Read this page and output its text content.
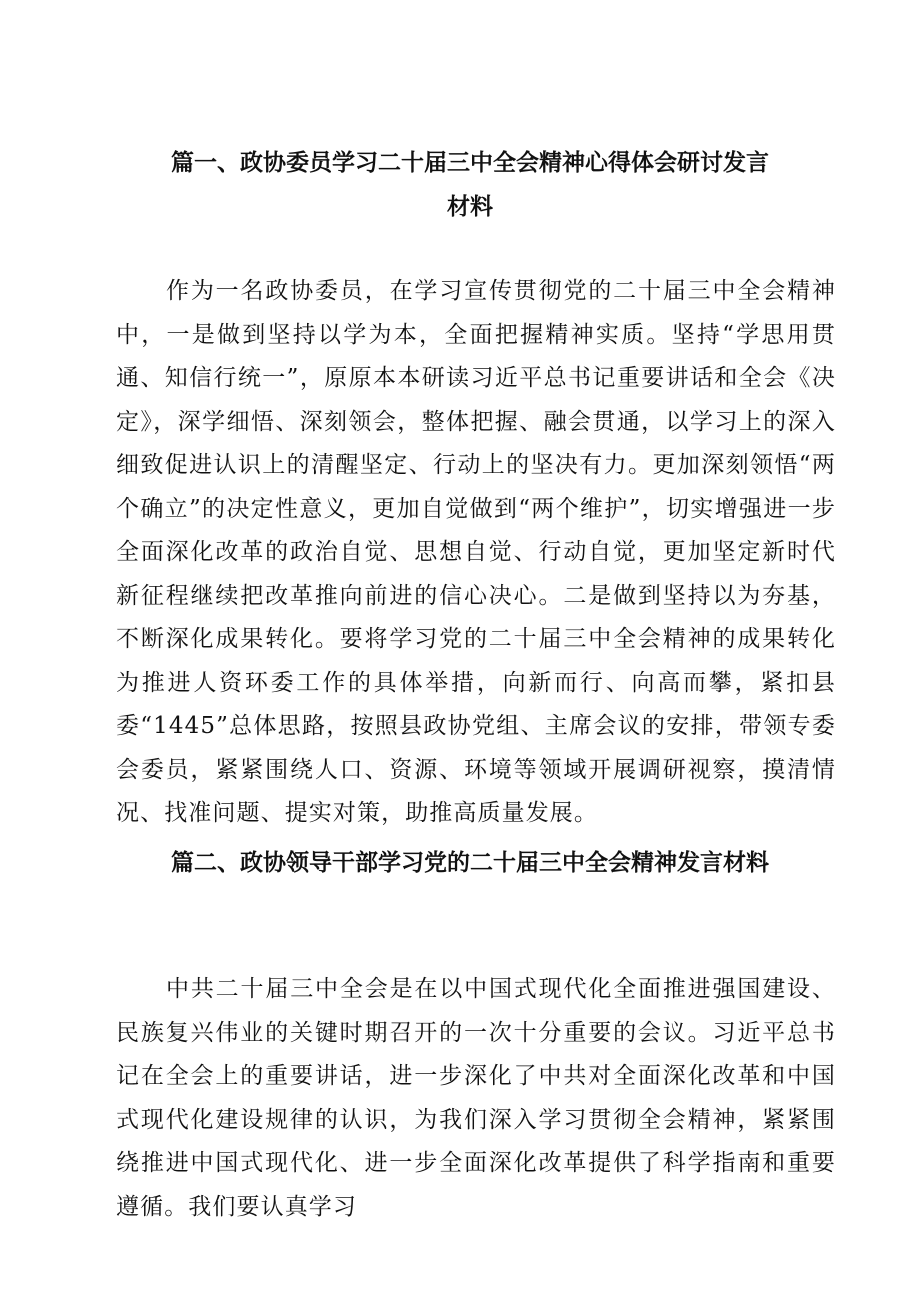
篇一、政协委员学习二十届三中全会精神心得体会研讨发言材料

作为一名政协委员，在学习宣传贯彻党的二十届三中全会精神中，一是做到坚持以学为本，全面把握精神实质。坚持“学思用贯通、知信行统一”，原原本本研读习近平总书记重要讲话和全会《决定》，深学细悟、深刻领会，整体把握、融会贯通，以学习上的深入细致促进认识上的清醒坚定、行动上的坚决有力。更加深刻领悟“两个确立”的决定性意义，更加自觉做到“两个维护”，切实增强进一步全面深化改革的政治自觉、思想自觉、行动自觉，更加坚定新时代新征程继续把改革推向前进的信心决心。二是做到坚持以为夯基，不断深化成果转化。要将学习党的二十届三中全会精神的成果转化为推进人资环委工作的具体举措，向新而行、向高而攀，紧扣县委“1445”总体思路，按照县政协党组、主席会议的安排，带领专委会委员，紧紧围绕人口、资源、环境等领域开展调研视察，摸清情况、找准问题、提实对策，助推高质量发展。

篇二、政协领导干部学习党的二十届三中全会精神发言材料

中共二十届三中全会是在以中国式现代化全面推进强国建设、民族复兴伟业的关键时期召开的一次十分重要的会议。习近平总书记在全会上的重要讲话，进一步深化了中共对全面深化改革和中国式现代化建设规律的认识，为我们深入学习贯彻全会精神，紧紧围绕推进中国式现代化、进一步全面深化改革提供了科学指南和重要遵循。我们要认真学习
